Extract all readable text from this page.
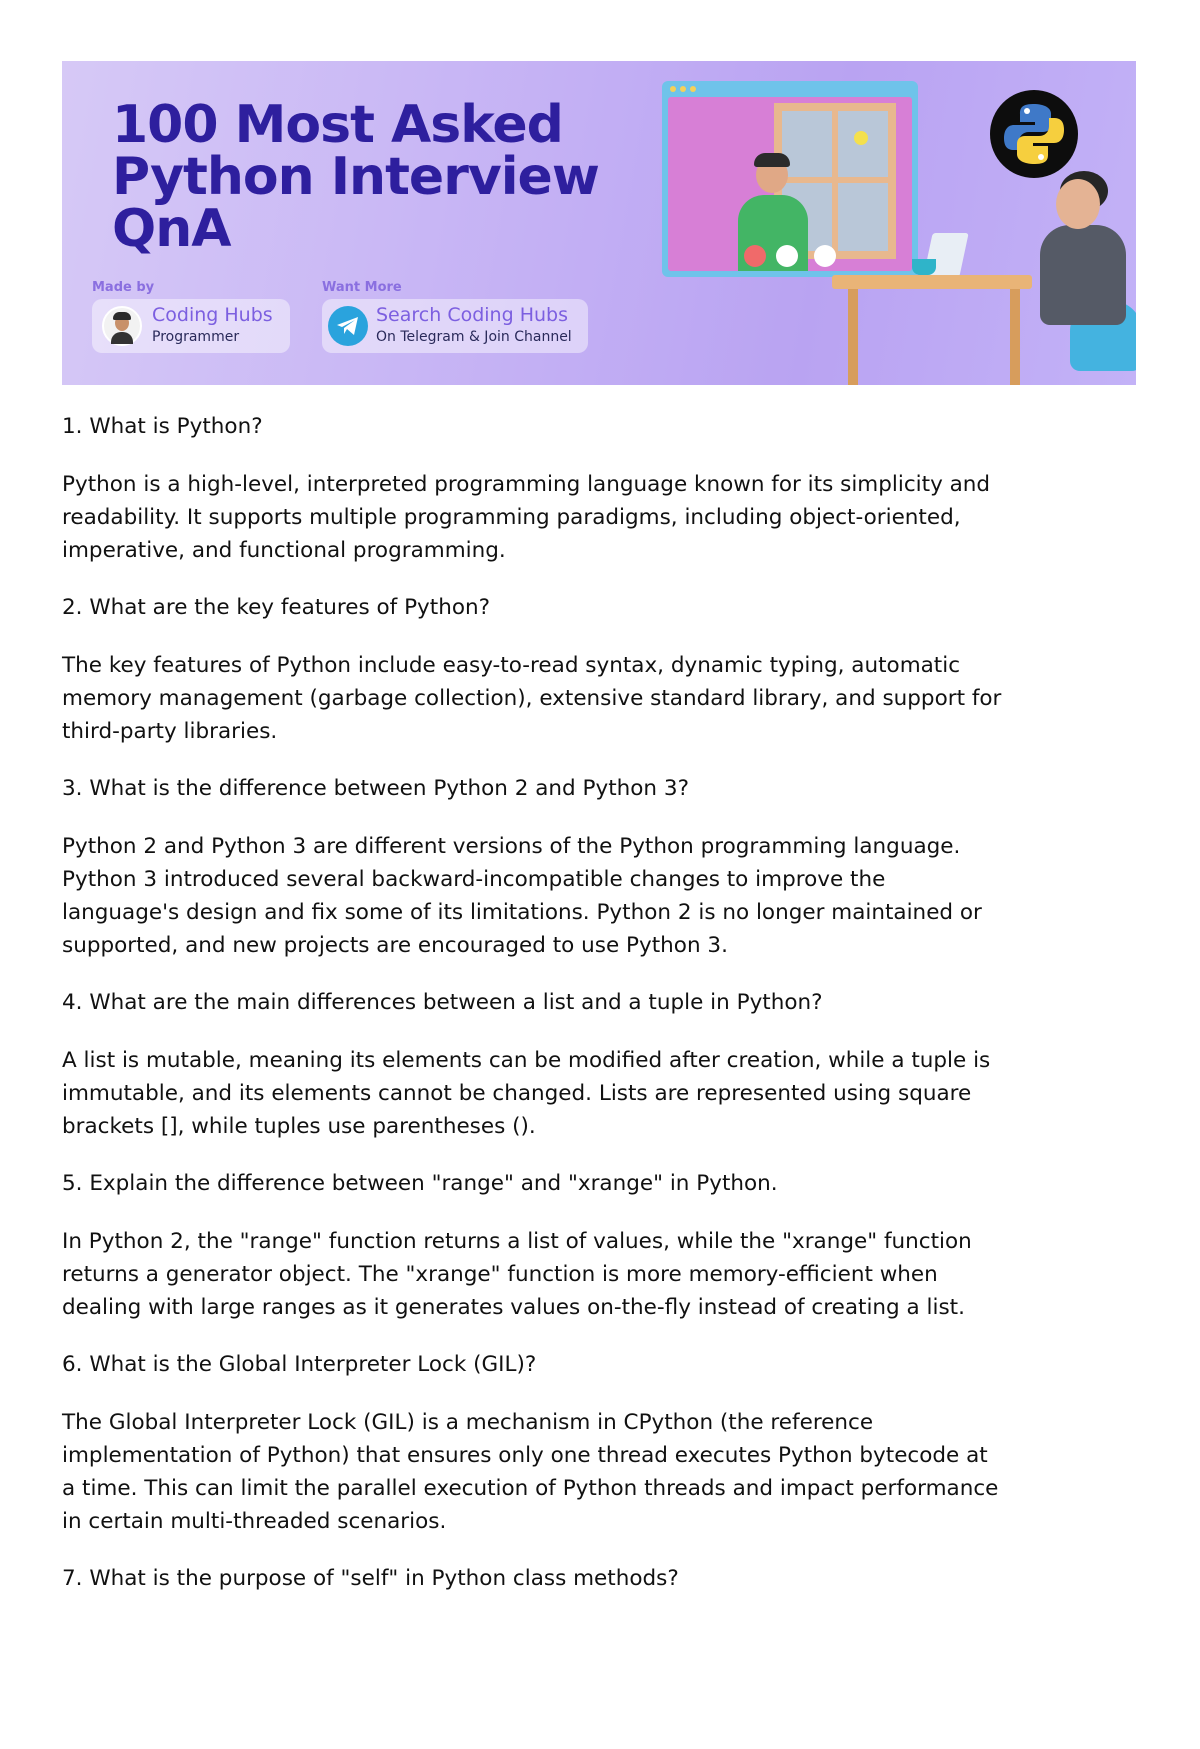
100 Most Asked
Python Interview
QnA
Made by
Coding Hubs
Programmer
Want More
Search Coding Hubs
On Telegram & Join Channel

1. What is Python?

Python is a high-level, interpreted programming language known for its simplicity and

readability. It supports multiple programming paradigms, including object-oriented,

imperative, and functional programming.

2. What are the key features of Python?

The key features of Python include easy-to-read syntax, dynamic typing, automatic

memory management (garbage collection), extensive standard library, and support for

third-party libraries.

3. What is the difference between Python 2 and Python 3?

Python 2 and Python 3 are different versions of the Python programming language.

Python 3 introduced several backward-incompatible changes to improve the

language's design and fix some of its limitations. Python 2 is no longer maintained or

supported, and new projects are encouraged to use Python 3.

4. What are the main differences between a list and a tuple in Python?

A list is mutable, meaning its elements can be modified after creation, while a tuple is

immutable, and its elements cannot be changed. Lists are represented using square

brackets [], while tuples use parentheses ().

5. Explain the difference between "range" and "xrange" in Python.

In Python 2, the "range" function returns a list of values, while the "xrange" function

returns a generator object. The "xrange" function is more memory-efficient when

dealing with large ranges as it generates values on-the-fly instead of creating a list.

6. What is the Global Interpreter Lock (GIL)?

The Global Interpreter Lock (GIL) is a mechanism in CPython (the reference

implementation of Python) that ensures only one thread executes Python bytecode at

a time. This can limit the parallel execution of Python threads and impact performance

in certain multi-threaded scenarios.

7. What is the purpose of "self" in Python class methods?
